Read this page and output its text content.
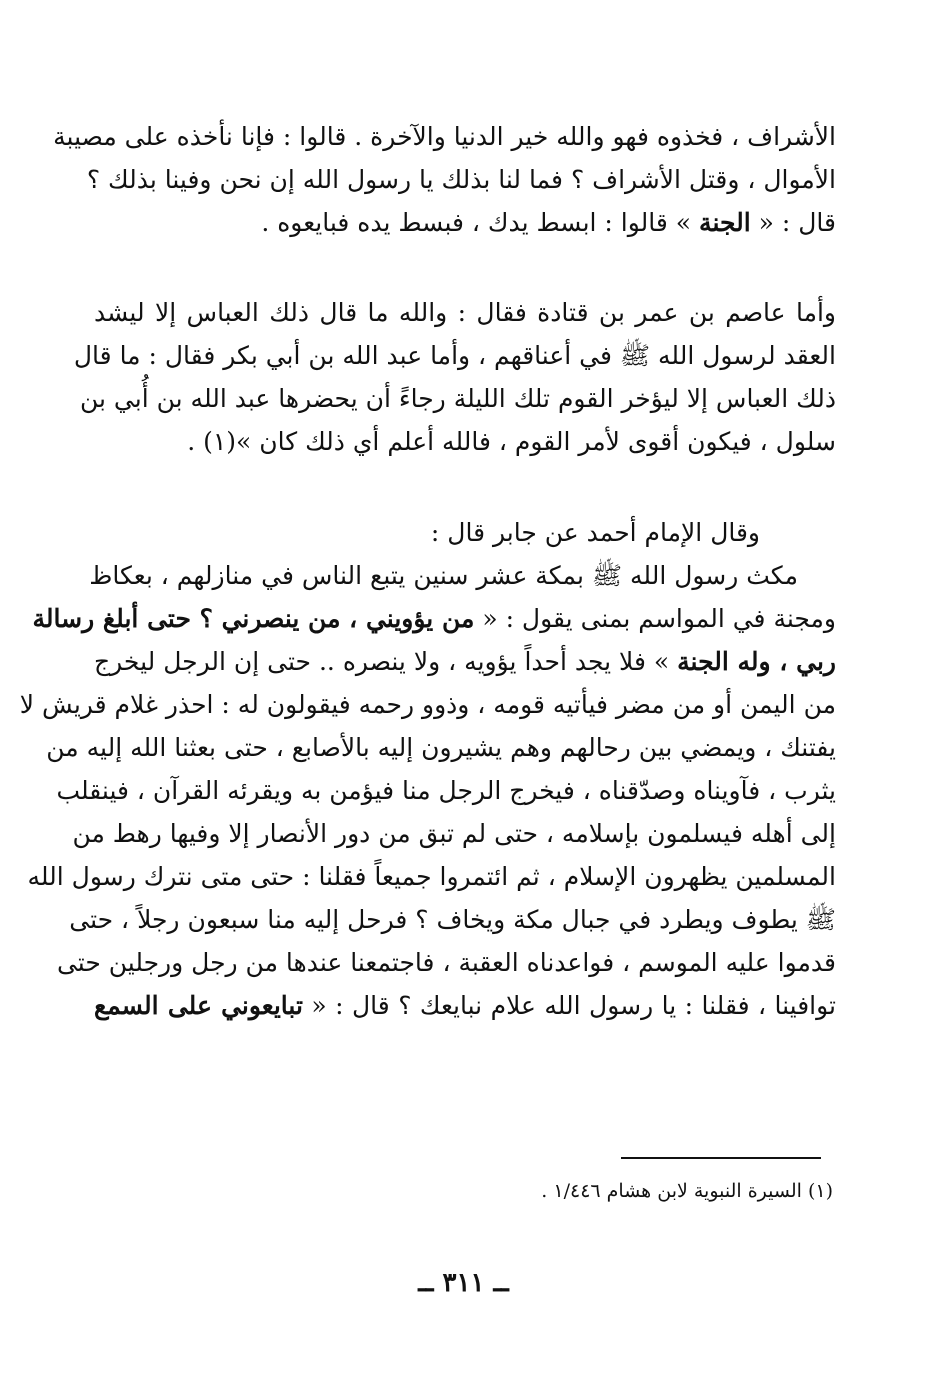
الأشراف ، فخذوه فهو والله خير الدنيا والآخرة . قالوا : فإنا نأخذه على مصيبة
الأموال ، وقتل الأشراف ؟ فما لنا بذلك يا رسول الله إن نحن وفينا بذلك ؟
قال : « الجنة » قالوا : ابسط يدك ، فبسط يده فبايعوه .
وأما عاصم بن عمر بن قتادة فقال : والله ما قال ذلك العباس إلا ليشد
العقد لرسول الله ﷺ في أعناقهم ، وأما عبد الله بن أبي بكر فقال : ما قال
ذلك العباس إلا ليؤخر القوم تلك الليلة رجاءً أن يحضرها عبد الله بن أُبي بن
سلول ، فيكون أقوى لأمر القوم ، فالله أعلم أي ذلك كان »(١) .
وقال الإمام أحمد عن جابر قال :
مكث رسول الله ﷺ بمكة عشر سنين يتبع الناس في منازلهم ، بعكاظ
ومجنة في المواسم بمنى يقول : « من يؤويني ، من ينصرني ؟ حتى أبلغ رسالة
ربي ، وله الجنة » فلا يجد أحداً يؤويه ، ولا ينصره .. حتى إن الرجل ليخرج
من اليمن أو من مضر فيأتيه قومه ، وذوو رحمه فيقولون له : احذر غلام قريش لا
يفتنك ، ويمضي بين رحالهم وهم يشيرون إليه بالأصابع ، حتى بعثنا الله إليه من
يثرب ، فآويناه وصدّقناه ، فيخرج الرجل منا فيؤمن به ويقرئه القرآن ، فينقلب
إلى أهله فيسلمون بإسلامه ، حتى لم تبق من دور الأنصار إلا وفيها رهط من
المسلمين يظهرون الإسلام ، ثم ائتمروا جميعاً فقلنا : حتى متى نترك رسول الله
ﷺ يطوف ويطرد في جبال مكة ويخاف ؟ فرحل إليه منا سبعون رجلاً ، حتى
قدموا عليه الموسم ، فواعدناه العقبة ، فاجتمعنا عندها من رجل ورجلين حتى
توافينا ، فقلنا : يا رسول الله علام نبايعك ؟ قال : « تبايعوني على السمع
(١) السيرة النبوية لابن هشام ١/٤٤٦ .
ــ ٣١١ ــ
